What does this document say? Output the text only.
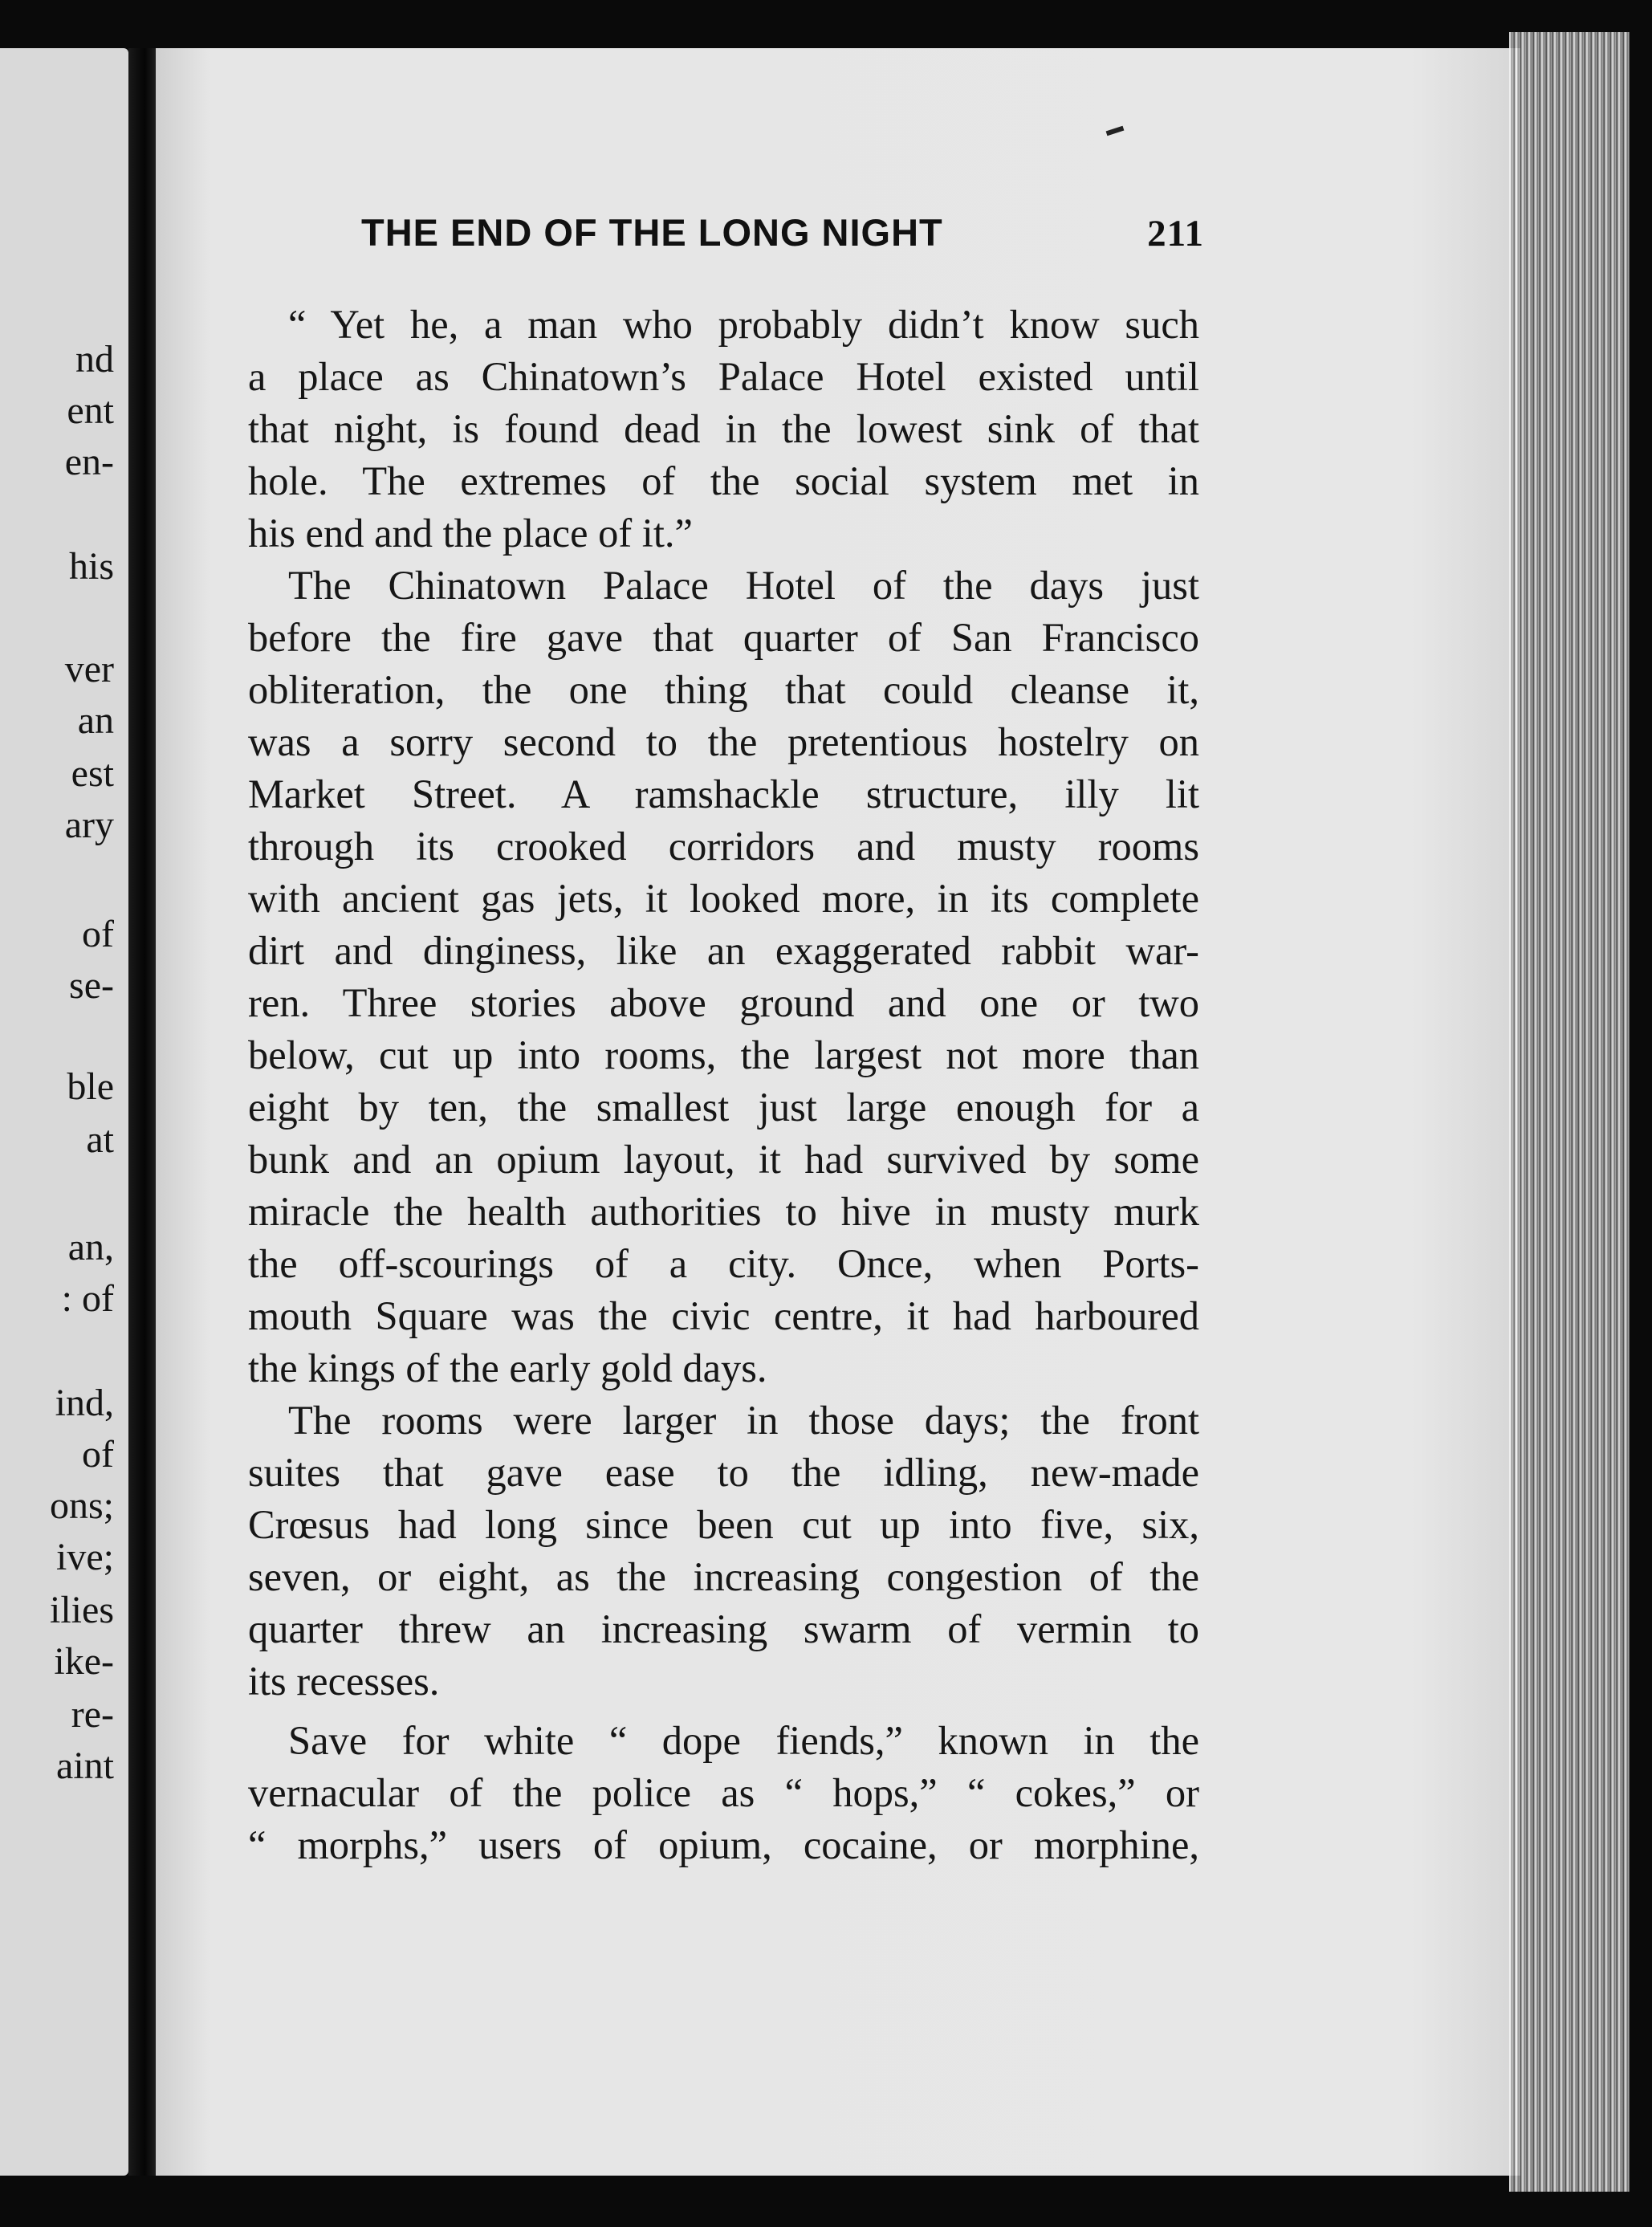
nd
ent
en-
his
ver
an
est
ary
of
se-
ble
at
an,
: of
ind,
of
ons;
ive;
ilies
ike-
re-
aint
THE END OF THE LONG NIGHT	211
“ Yet he, a man who probably didn’t know such
a place as Chinatown’s Palace Hotel existed until
that night, is found dead in the lowest sink of that
hole. The extremes of the social system met in
his end and the place of it.”
The Chinatown Palace Hotel of the days just
before the fire gave that quarter of San Francisco
obliteration, the one thing that could cleanse it,
was a sorry second to the pretentious hostelry on
Market Street. A ramshackle structure, illy lit
through its crooked corridors and musty rooms
with ancient gas jets, it looked more, in its complete
dirt and dinginess, like an exaggerated rabbit war-
ren. Three stories above ground and one or two
below, cut up into rooms, the largest not more than
eight by ten, the smallest just large enough for a
bunk and an opium layout, it had survived by some
miracle the health authorities to hive in musty murk
the off-scourings of a city. Once, when Ports-
mouth Square was the civic centre, it had harboured
the kings of the early gold days.
The rooms were larger in those days; the front
suites that gave ease to the idling, new-made
Crœsus had long since been cut up into five, six,
seven, or eight, as the increasing congestion of the
quarter threw an increasing swarm of vermin to
its recesses.
Save for white “ dope fiends,” known in the
vernacular of the police as “ hops,” “ cokes,” or
“ morphs,” users of opium, cocaine, or morphine,
